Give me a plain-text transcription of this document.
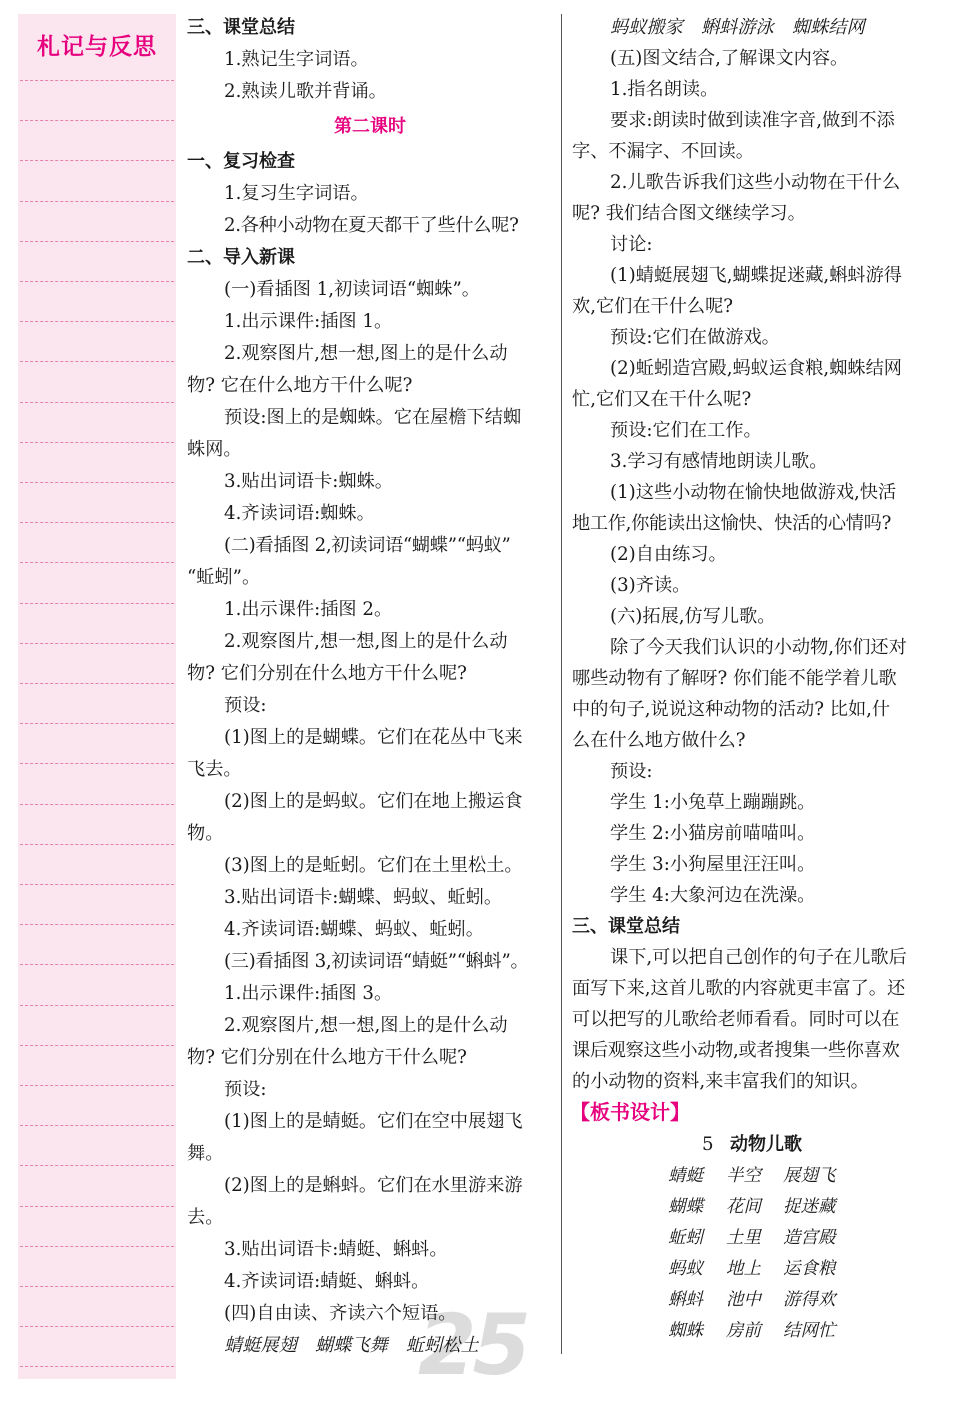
札记与反思
25
三、课堂总结
1.熟记生字词语。
2.熟读儿歌并背诵。
第二课时
一、复习检查
1.复习生字词语。
2.各种小动物在夏天都干了些什么呢?
二、导入新课
(一)看插图 1,初读词语“蜘蛛”。
1.出示课件:插图 1。
2.观察图片,想一想,图上的是什么动
物? 它在什么地方干什么呢?
预设:图上的是蜘蛛。它在屋檐下结蜘
蛛网。
3.贴出词语卡:蜘蛛。
4.齐读词语:蜘蛛。
(二)看插图 2,初读词语“蝴蝶”“蚂蚁”
“蚯蚓”。
1.出示课件:插图 2。
2.观察图片,想一想,图上的是什么动
物? 它们分别在什么地方干什么呢?
预设:
(1)图上的是蝴蝶。它们在花丛中飞来
飞去。
(2)图上的是蚂蚁。它们在地上搬运食
物。
(3)图上的是蚯蚓。它们在土里松土。
3.贴出词语卡:蝴蝶、蚂蚁、蚯蚓。
4.齐读词语:蝴蝶、蚂蚁、蚯蚓。
(三)看插图 3,初读词语“蜻蜓”“蝌蚪”。
1.出示课件:插图 3。
2.观察图片,想一想,图上的是什么动
物? 它们分别在什么地方干什么呢?
预设:
(1)图上的是蜻蜓。它们在空中展翅飞
舞。
(2)图上的是蝌蚪。它们在水里游来游
去。
3.贴出词语卡:蜻蜓、蝌蚪。
4.齐读词语:蜻蜓、蝌蚪。
(四)自由读、齐读六个短语。
蜻蜓展翅　蝴蝶飞舞　蚯蚓松土
蚂蚁搬家　蝌蚪游泳　蜘蛛结网
(五)图文结合,了解课文内容。
1.指名朗读。
要求:朗读时做到读准字音,做到不添
字、不漏字、不回读。
2.儿歌告诉我们这些小动物在干什么
呢? 我们结合图文继续学习。
讨论:
(1)蜻蜓展翅飞,蝴蝶捉迷藏,蝌蚪游得
欢,它们在干什么呢?
预设:它们在做游戏。
(2)蚯蚓造宫殿,蚂蚁运食粮,蜘蛛结网
忙,它们又在干什么呢?
预设:它们在工作。
3.学习有感情地朗读儿歌。
(1)这些小动物在愉快地做游戏,快活
地工作,你能读出这愉快、快活的心情吗?
(2)自由练习。
(3)齐读。
(六)拓展,仿写儿歌。
除了今天我们认识的小动物,你们还对
哪些动物有了解呀? 你们能不能学着儿歌
中的句子,说说这种动物的活动? 比如,什
么在什么地方做什么?
预设:
学生 1:小兔草上蹦蹦跳。
学生 2:小猫房前喵喵叫。
学生 3:小狗屋里汪汪叫。
学生 4:大象河边在洗澡。
三、课堂总结
课下,可以把自己创作的句子在儿歌后
面写下来,这首儿歌的内容就更丰富了。还
可以把写的儿歌给老师看看。同时可以在
课后观察这些小动物,或者搜集一些你喜欢
的小动物的资料,来丰富我们的知识。
【板书设计】
5 动物儿歌
蜻蜓 半空 展翅飞
蝴蝶 花间 捉迷藏
蚯蚓 土里 造宫殿
蚂蚁 地上 运食粮
蝌蚪 池中 游得欢
蜘蛛 房前 结网忙
